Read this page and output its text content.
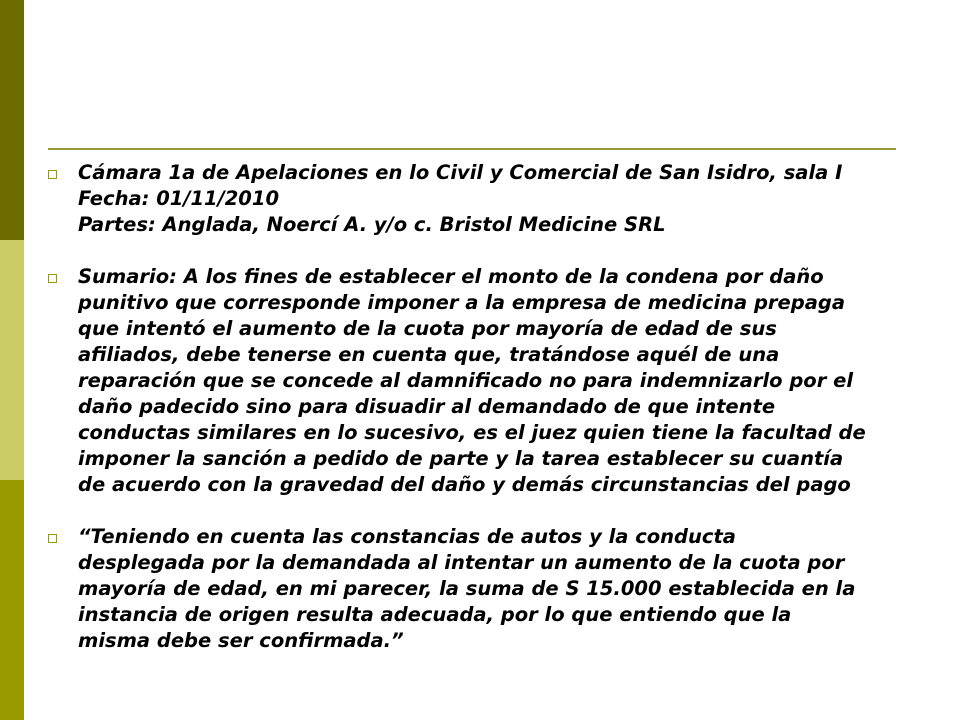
Cámara 1a de Apelaciones en lo Civil y Comercial de San Isidro, sala I
Fecha: 01/11/2010
Partes: Anglada, Noercí A. y/o c. Bristol Medicine SRL
Sumario: A los fines de establecer el monto de la condena por daño
punitivo que corresponde imponer a la empresa de medicina prepaga
que intentó el aumento de la cuota por mayoría de edad de sus
afiliados, debe tenerse en cuenta que, tratándose aquél de una
reparación que se concede al damnificado no para indemnizarlo por el
daño padecido sino para disuadir al demandado de que intente
conductas similares en lo sucesivo, es el juez quien tiene la facultad de
imponer la sanción a pedido de parte y la tarea establecer su cuantía
de acuerdo con la gravedad del daño y demás circunstancias del pago
“Teniendo en cuenta las constancias de autos y la conducta
desplegada por la demandada al intentar un aumento de la cuota por
mayoría de edad, en mi parecer, la suma de S 15.000 establecida en la
instancia de origen resulta adecuada, por lo que entiendo que la
misma debe ser confirmada.”
